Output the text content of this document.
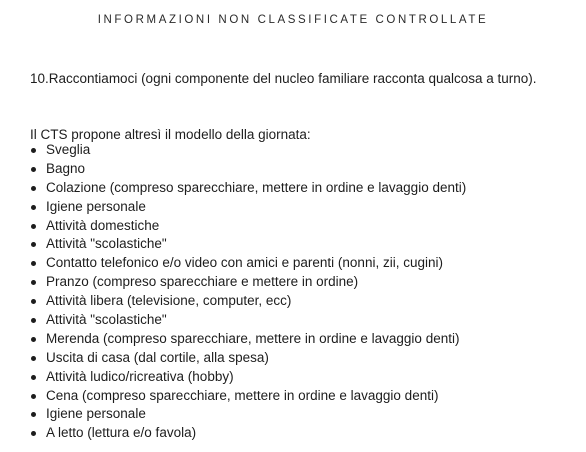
INFORMAZIONI NON CLASSIFICATE CONTROLLATE
10.Raccontiamoci (ogni componente del nucleo familiare racconta qualcosa a turno).
Il CTS propone altresì il modello della giornata:
Sveglia
Bagno
Colazione (compreso sparecchiare, mettere in ordine e lavaggio denti)
Igiene personale
Attività domestiche
Attività "scolastiche"
Contatto telefonico e/o video con amici e parenti (nonni, zii, cugini)
Pranzo (compreso sparecchiare e mettere in ordine)
Attività libera (televisione, computer, ecc)
Attività "scolastiche"
Merenda (compreso sparecchiare, mettere in ordine e lavaggio denti)
Uscita di casa (dal cortile, alla spesa)
Attività ludico/ricreativa (hobby)
Cena (compreso sparecchiare, mettere in ordine e lavaggio denti)
Igiene personale
A letto (lettura e/o favola)
